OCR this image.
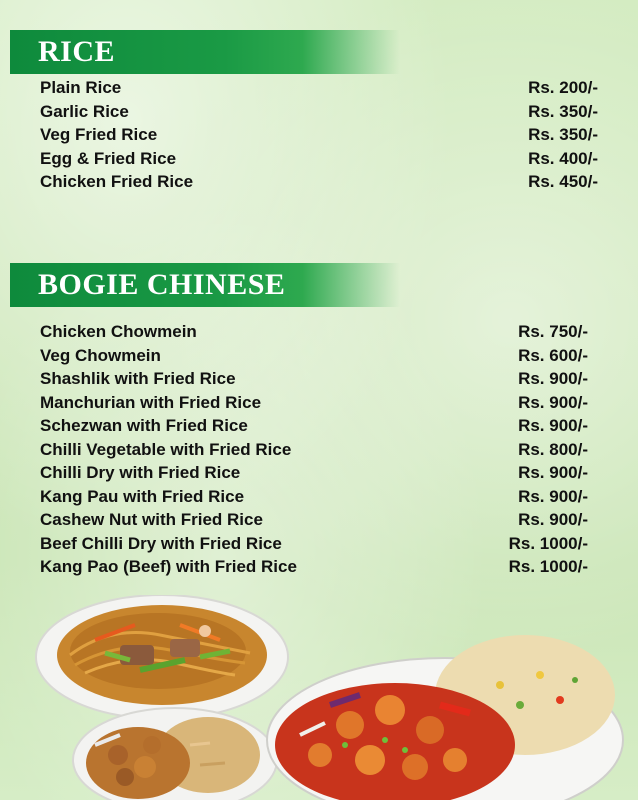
RICE
Plain Rice	Rs. 200/-
Garlic Rice	Rs. 350/-
Veg Fried Rice	Rs. 350/-
Egg & Fried Rice	Rs. 400/-
Chicken Fried Rice	Rs. 450/-
BOGIE CHINESE
Chicken Chowmein	Rs. 750/-
Veg Chowmein	Rs. 600/-
Shashlik with Fried Rice	Rs. 900/-
Manchurian with Fried Rice	Rs. 900/-
Schezwan with Fried Rice	Rs. 900/-
Chilli Vegetable with Fried Rice	Rs. 800/-
Chilli Dry with Fried Rice	Rs. 900/-
Kang Pau with Fried Rice	Rs. 900/-
Cashew Nut with Fried Rice	Rs. 900/-
Beef Chilli Dry with Fried Rice	Rs. 1000/-
Kang Pao (Beef) with Fried Rice	Rs. 1000/-
